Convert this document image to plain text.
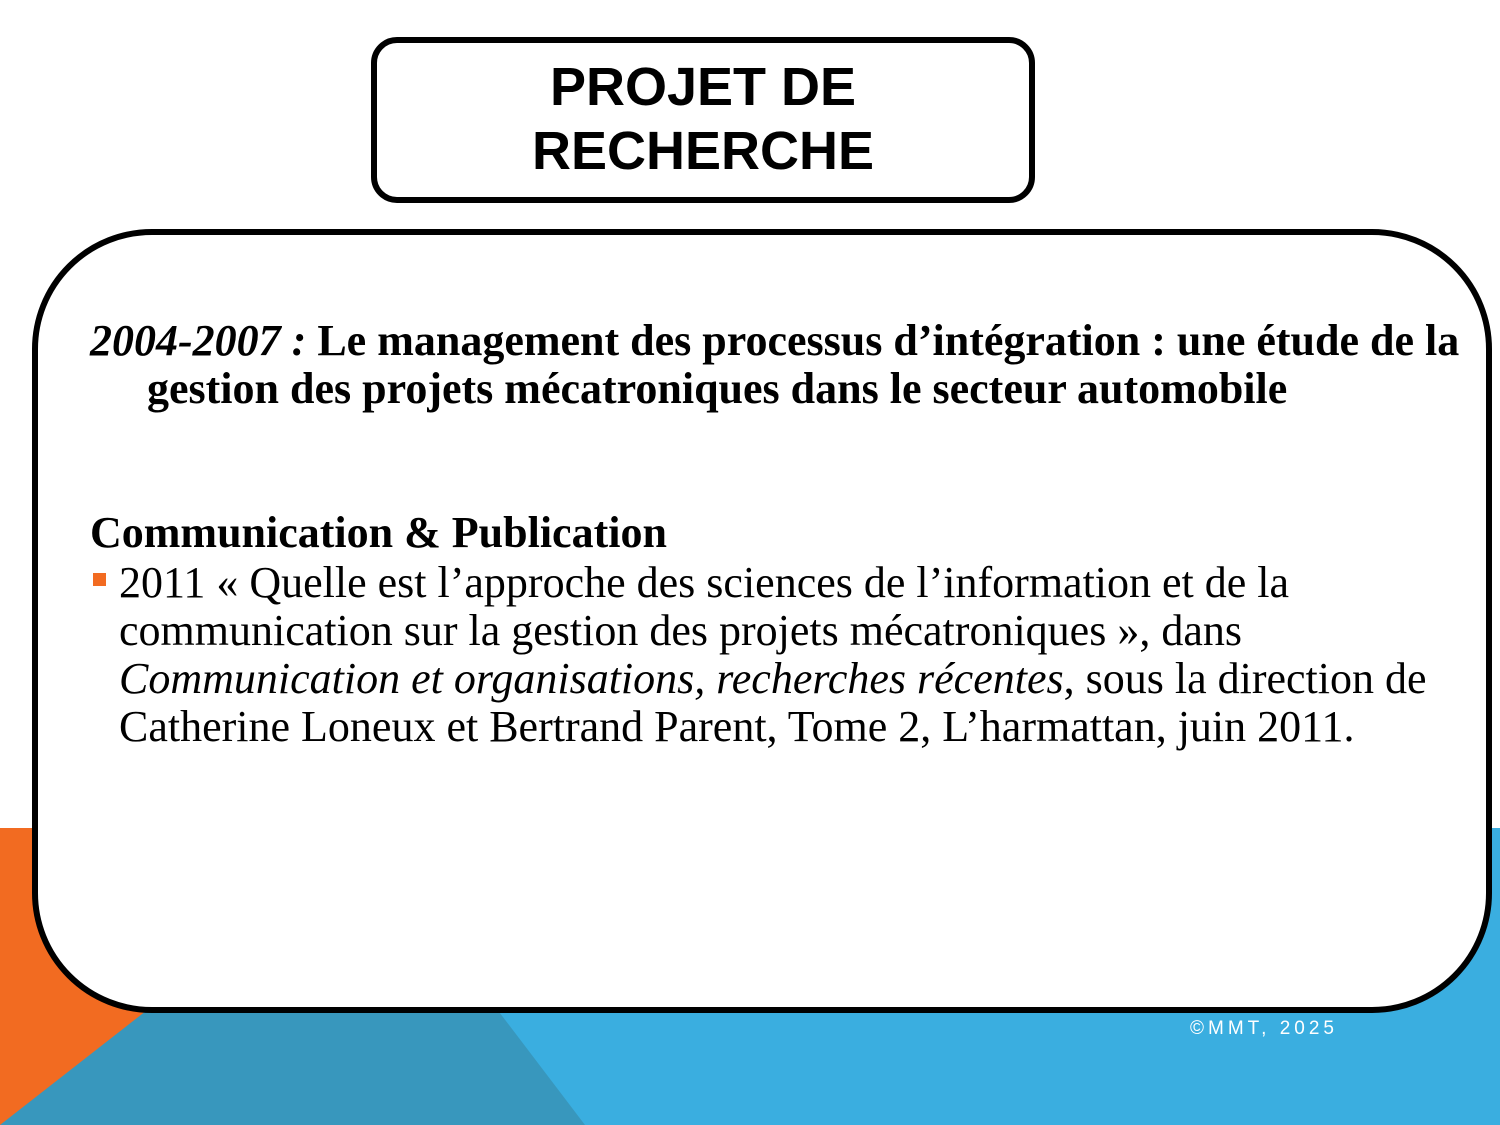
PROJET DE RECHERCHE

2004-2007 : Le management des processus d’intégration : une étude de la gestion des projets mécatroniques dans le secteur automobile

Communication & Publication

2011 « Quelle est l’approche des sciences de l’information et de la communication sur la gestion des projets mécatroniques », dans Communication et organisations, recherches récentes, sous la direction de Catherine Loneux et Bertrand Parent, Tome 2, L’harmattan, juin 2011.

©MMT, 2025
